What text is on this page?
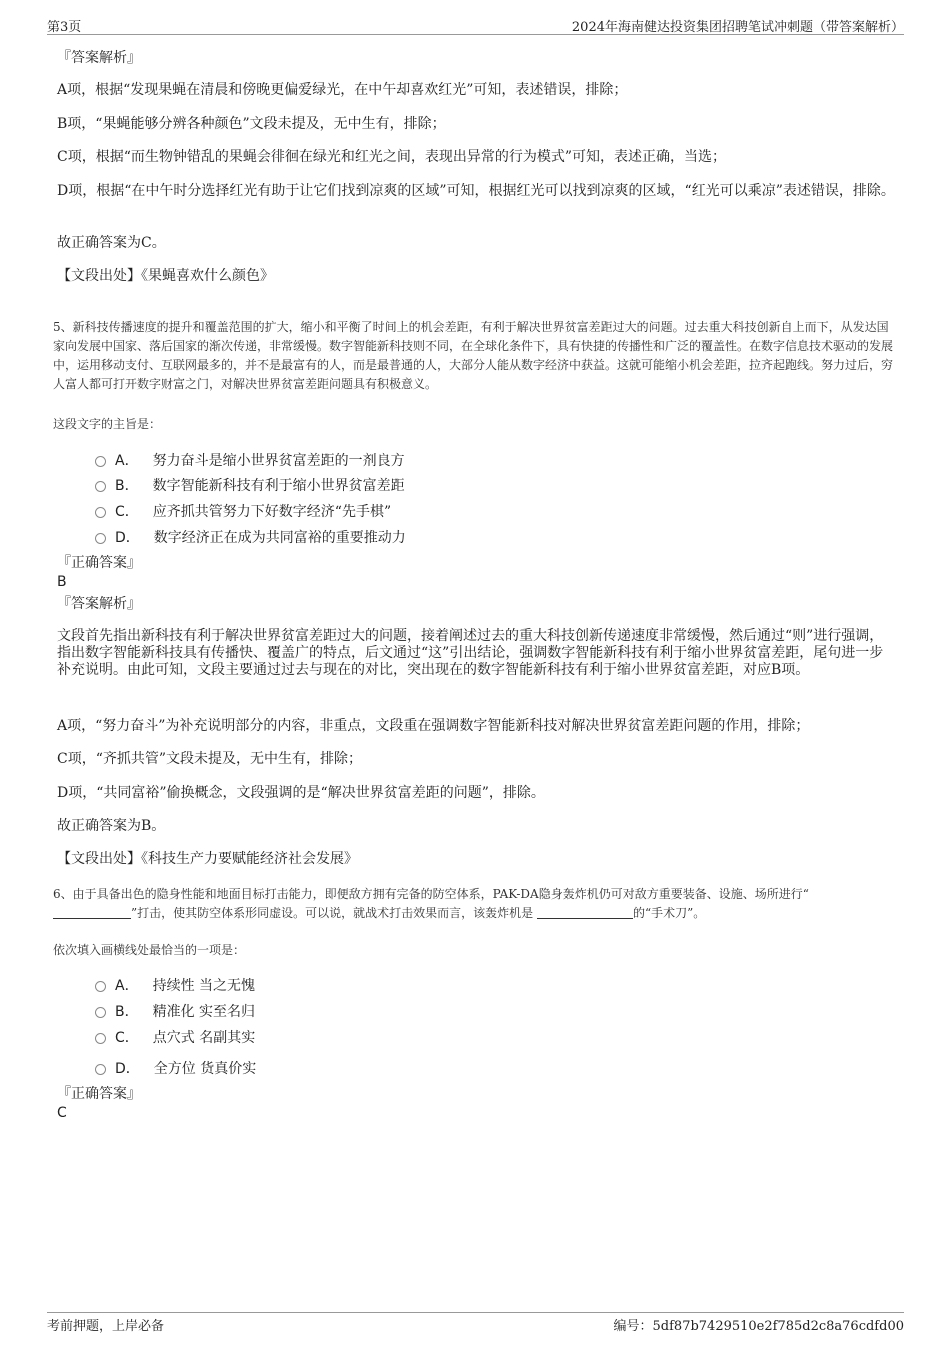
第3页	2024年海南健达投资集团招聘笔试冲刺题（带答案解析）
『答案解析』
A项，根据“发现果蝇在清晨和傍晚更偏爱绿光，在中午却喜欢红光”可知，表述错误，排除；
B项，“果蝇能够分辨各种颜色”文段未提及，无中生有，排除；
C项，根据“而生物钟错乱的果蝇会徘徊在绿光和红光之间，表现出异常的行为模式”可知，表述正确，当选；
D项，根据“在中午时分选择红光有助于让它们找到凉爽的区域”可知，根据红光可以找到凉爽的区域，“红光可以乘凉”表述错误，排除。
故正确答案为C。
【文段出处】《果蝇喜欢什么颜色》
5、新科技传播速度的提升和覆盖范围的扩大，缩小和平衡了时间上的机会差距，有利于解决世界贫富差距过大的问题。过去重大科技创新自上而下，从发达国家向发展中国家、落后国家的渐次传递，非常缓慢。数字智能新科技则不同，在全球化条件下，具有快捷的传播性和广泛的覆盖性。在数字信息技术驱动的发展中，运用移动支付、互联网最多的，并不是最富有的人，而是最普通的人，大部分人能从数字经济中获益。这就可能缩小机会差距，拉齐起跑线。努力过后，穷人富人都可打开数字财富之门，对解决世界贫富差距问题具有积极意义。
这段文字的主旨是：
A． 努力奋斗是缩小世界贫富差距的一剂良方
B． 数字智能新科技有利于缩小世界贫富差距
C． 应齐抓共管努力下好数字经济“先手棋”
D． 数字经济正在成为共同富裕的重要推动力
『正确答案』
B
『答案解析』
文段首先指出新科技有利于解决世界贫富差距过大的问题，接着阐述过去的重大科技创新传递速度非常缓慢，然后通过“则”进行强调，指出数字智能新科技具有传播快、覆盖广的特点，后文通过“这”引出结论，强调数字智能新科技有利于缩小世界贫富差距，尾句进一步补充说明。由此可知，文段主要通过过去与现在的对比，突出现在的数字智能新科技有利于缩小世界贫富差距，对应B项。
A项，“努力奋斗”为补充说明部分的内容，非重点，文段重在强调数字智能新科技对解决世界贫富差距问题的作用，排除；
C项，“齐抓共管”文段未提及，无中生有，排除；
D项，“共同富裕”偷换概念，文段强调的是“解决世界贫富差距的问题”，排除。
故正确答案为B。
【文段出处】《科技生产力要赋能经济社会发展》
6、由于具备出色的隐身性能和地面目标打击能力，即便敌方拥有完备的防空体系，PAK-DA隐身轰炸机仍可对敌方重要装备、设施、场所进行“
”打击，使其防空体系形同虚设。可以说，就战术打击效果而言，该轰炸机是	的“手术刀”。
依次填入画横线处最恰当的一项是：
A． 持续性 当之无愧
B． 精准化 实至名归
C． 点穴式 名副其实
D． 全方位 货真价实
『正确答案』
C
考前押题，上岸必备	编号：5df87b7429510e2f785d2c8a76cdfd00
